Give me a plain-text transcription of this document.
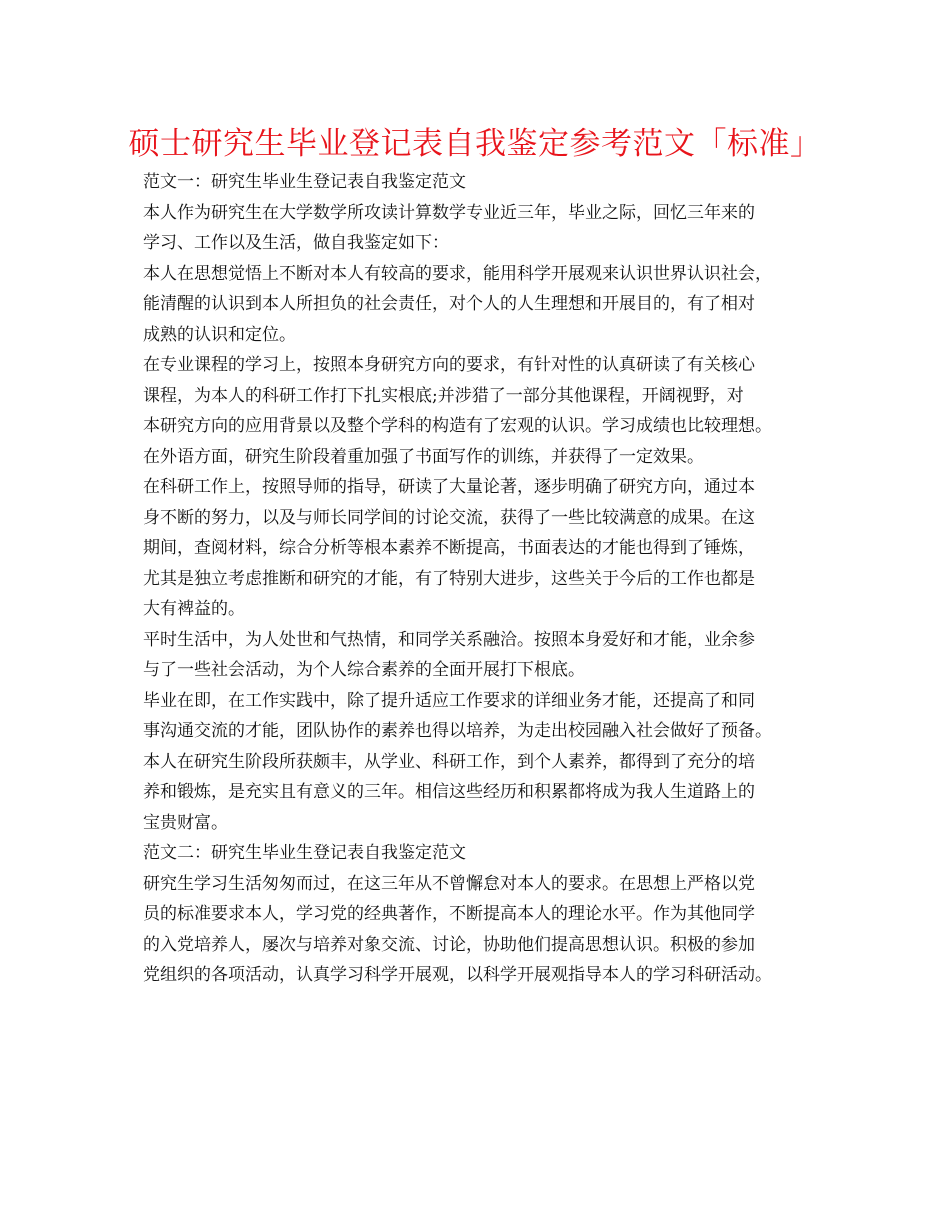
硕士研究生毕业登记表自我鉴定参考范文「标准」
范文一：研究生毕业生登记表自我鉴定范文
本人作为研究生在大学数学所攻读计算数学专业近三年，毕业之际，回忆三年来的
学习、工作以及生活，做自我鉴定如下：
本人在思想觉悟上不断对本人有较高的要求，能用科学开展观来认识世界认识社会，
能清醒的认识到本人所担负的社会责任，对个人的人生理想和开展目的，有了相对
成熟的认识和定位。
在专业课程的学习上，按照本身研究方向的要求，有针对性的认真研读了有关核心
课程，为本人的科研工作打下扎实根底;并涉猎了一部分其他课程，开阔视野，对
本研究方向的应用背景以及整个学科的构造有了宏观的认识。学习成绩也比较理想。
在外语方面，研究生阶段着重加强了书面写作的训练，并获得了一定效果。
在科研工作上，按照导师的指导，研读了大量论著，逐步明确了研究方向，通过本
身不断的努力，以及与师长同学间的讨论交流，获得了一些比较满意的成果。在这
期间，查阅材料，综合分析等根本素养不断提高，书面表达的才能也得到了锤炼，
尤其是独立考虑推断和研究的才能，有了特别大进步，这些关于今后的工作也都是
大有裨益的。
平时生活中，为人处世和气热情，和同学关系融洽。按照本身爱好和才能，业余参
与了一些社会活动，为个人综合素养的全面开展打下根底。
毕业在即，在工作实践中，除了提升适应工作要求的详细业务才能，还提高了和同
事沟通交流的才能，团队协作的素养也得以培养，为走出校园融入社会做好了预备。
本人在研究生阶段所获颇丰，从学业、科研工作，到个人素养，都得到了充分的培
养和锻炼，是充实且有意义的三年。相信这些经历和积累都将成为我人生道路上的
宝贵财富。
范文二：研究生毕业生登记表自我鉴定范文
研究生学习生活匆匆而过，在这三年从不曾懈怠对本人的要求。在思想上严格以党
员的标准要求本人，学习党的经典著作，不断提高本人的理论水平。作为其他同学
的入党培养人，屡次与培养对象交流、讨论，协助他们提高思想认识。积极的参加
党组织的各项活动，认真学习科学开展观，以科学开展观指导本人的学习科研活动。
